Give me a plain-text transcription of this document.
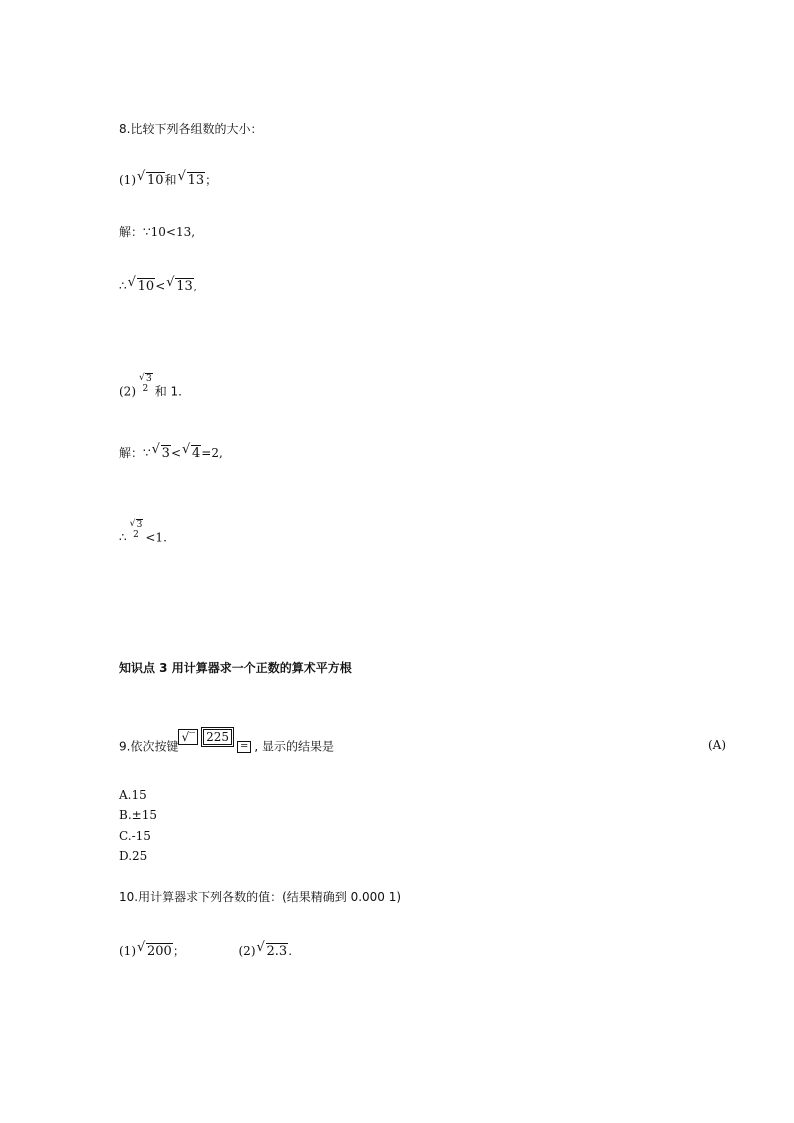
8.比较下列各组数的大小：
(1) √ 10和 √ 13；
解：∵10<13,
∴ √ 10< √ 13,
(2)
√ 3
2 和 1.
解：∵ √ 3< √ 4=2,
∴
√ 3
2 <1.
知识点 3 用计算器求一个正数的算术平方根
9.依次按键√‾ 225= , 显示的结果是	(A)
A.15
B.±15
C.-15
D.25
10.用计算器求下列各数的值：(结果精确到 0.000 1)
(1) √ 200；	(2) √ 2.3.
